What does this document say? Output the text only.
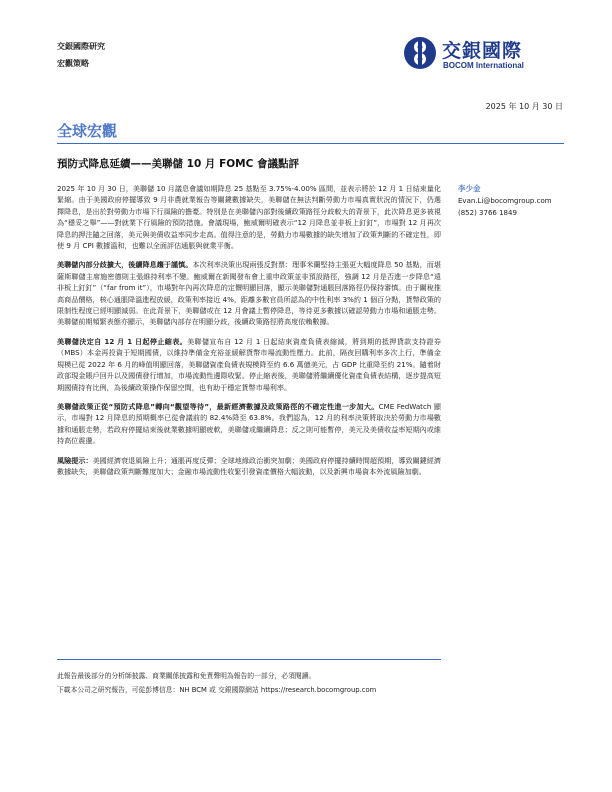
交銀國際研究
宏觀策略
交銀國際
BOCOM International
2025 年 10 月 30 日
全球宏觀
預防式降息延續——美聯儲 10 月 FOMC 會議點評
李少金
Evan.Li@bocomgroup.com
(852) 3766 1849

2025 年 10 月 30 日，美聯儲 10 月議息會議如期降息 25 基點至 3.75%-4.00% 區間，並表示將於 12 月 1 日結束量化緊縮。由于美國政府停擺導致 9 月非農就業報告等關鍵數據缺失，美聯儲在無法判斷勞動力市場真實狀況的情況下，仍選擇降息，是出於對勞動力市場下行風險的擔憂。特別是在美聯儲內部對後續政策路徑分歧較大的背景下，此次降息更多被視為“穩妥之舉”——對就業下行風險的預防措施。會議現場，鮑威爾明確表示“12 月降息並非板上釘釘”，市場對 12 月再次降息的押注隨之回落，美元與美債收益率同步走高。值得注意的是，勞動力市場數據的缺失增加了政策判斷的不確定性，即使 9 月 CPI 數據溫和，也難以全面評估通脹與就業平衡。

美聯儲內部分歧擴大，後續降息趨于謹慎。本次利率決策出現兩張反對票：理事米蘭堅持主張更大幅度降息 50 基點，而堪薩斯聯儲主席施密德則主張維持利率不變。鮑威爾在新聞發布會上重申政策並非預設路徑，強調 12 月是否進一步降息“遠非板上釘釘”（“far from it”），市場對年內再次降息的定價明顯回落，顯示美聯儲對通脹回落路徑仍保持審慎。由于關稅推高商品價格，核心通脹降溫進程放緩，政策利率接近 4%，距離多數官員所認為的中性利率 3%約 1 個百分點，貨幣政策的限制性程度已經明顯減弱。在此背景下，美聯儲或在 12 月會議上暫停降息，等待更多數據以確認勞動力市場和通脹走勢。美聯儲前期頻繁表態亦顯示，美聯儲內部存在明顯分歧，後續政策路徑將高度依賴數據。

美聯儲決定自 12 月 1 日起停止縮表。美聯儲宣布自 12 月 1 日起結束資產負債表縮減，將到期的抵押貸款支持證券（MBS）本金再投資于短期國債，以維持準備金充裕並緩解貨幣市場流動性壓力。此前，隔夜回購利率多次上行，準備金規模已從 2022 年 6 月的峰值明顯回落，美聯儲資產負債表規模降至約 6.6 萬億美元，占 GDP 比重降至約 21%。隨着財政部現金賬戶回升以及國債發行增加，市場流動性邊際收緊。停止縮表後，美聯儲將繼續優化資產負債表結構，逐步提高短期國債持有比例，為後續政策操作保留空間，也有助于穩定貨幣市場利率。

美聯儲政策正從“預防式降息”轉向“觀望等待”，最新經濟數據及政策路徑的不確定性進一步加大。CME FedWatch 顯示，市場對 12 月降息的預期概率已從會議前的 82.4%降至 63.8%。我們認為，12 月的利率決策將取決於勞動力市場數據和通脹走勢，若政府停擺結束後就業數據明顯疲軟，美聯儲或繼續降息；反之則可能暫停，美元及美債收益率短期內或維持高位震盪。

風險提示：美國經濟衰退風險上升；通脹再度反彈；全球地緣政治衝突加劇；美國政府停擺持續時間超預期，導致關鍵經濟數據缺失，美聯儲政策判斷難度加大；金融市場流動性收緊引發資產價格大幅波動，以及新興市場資本外流風險加劇。

此報告最後部分的分析師披露、商業關係披露和免責聲明為報告的一部分，必須閱讀。
下載本公司之研究報告，可從彭博信息：NH BCM 或 交銀國際網站 https://research.bocomgroup.com
